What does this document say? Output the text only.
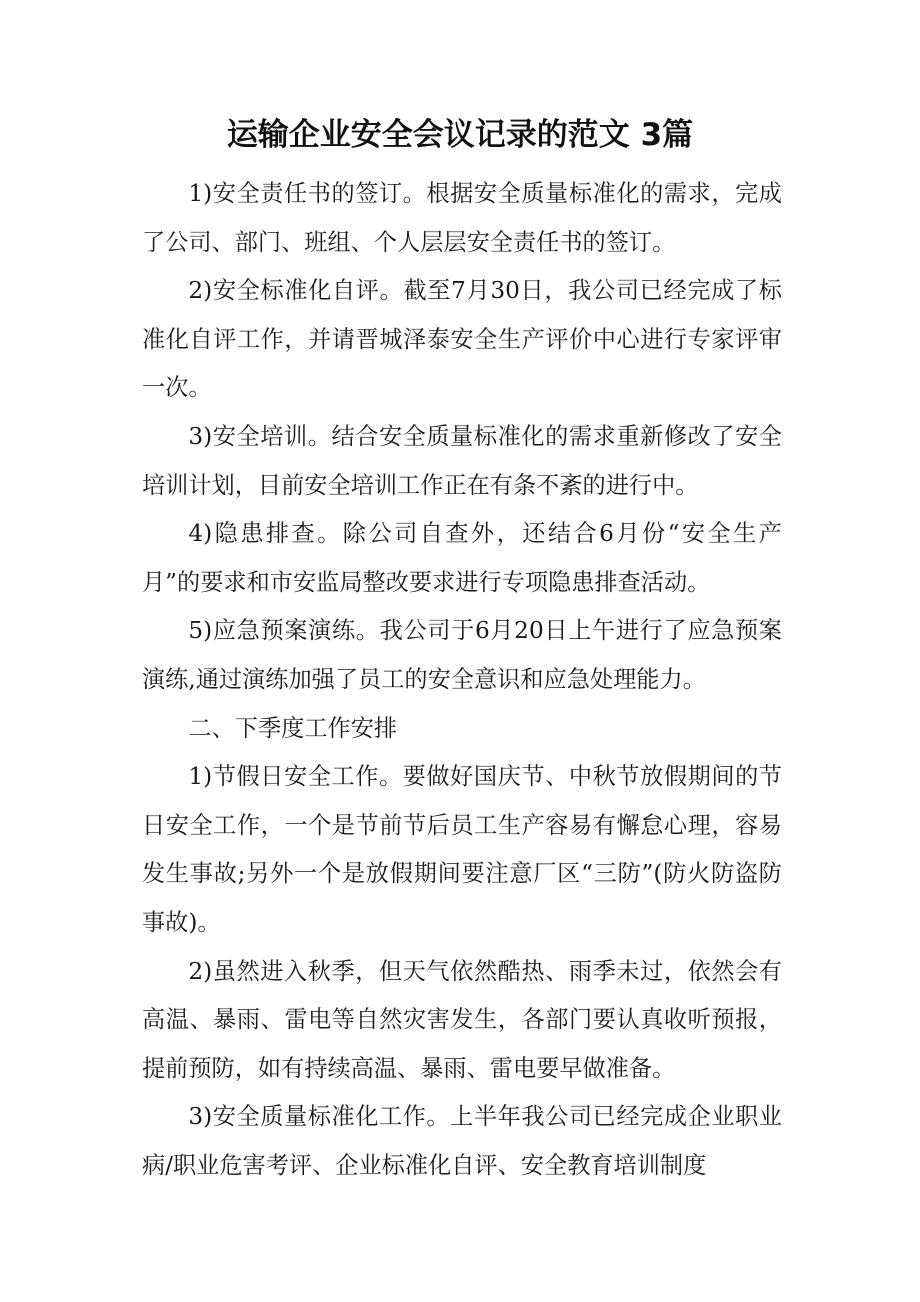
运输企业安全会议记录的范文 3篇

1)安全责任书的签订。根据安全质量标准化的需求，完成了公司、部门、班组、个人层层安全责任书的签订。

2)安全标准化自评。截至7月30日，我公司已经完成了标准化自评工作，并请晋城泽泰安全生产评价中心进行专家评审一次。

3)安全培训。结合安全质量标准化的需求重新修改了安全培训计划，目前安全培训工作正在有条不紊的进行中。

4)隐患排查。除公司自查外，还结合6月份“安全生产月”的要求和市安监局整改要求进行专项隐患排查活动。

5)应急预案演练。我公司于6月20日上午进行了应急预案演练,通过演练加强了员工的安全意识和应急处理能力。

二、下季度工作安排

1)节假日安全工作。要做好国庆节、中秋节放假期间的节日安全工作，一个是节前节后员工生产容易有懈怠心理，容易发生事故;另外一个是放假期间要注意厂区“三防”(防火防盗防事故)。

2)虽然进入秋季，但天气依然酷热、雨季未过，依然会有高温、暴雨、雷电等自然灾害发生，各部门要认真收听预报，提前预防，如有持续高温、暴雨、雷电要早做准备。

3)安全质量标准化工作。上半年我公司已经完成企业职业病/职业危害考评、企业标准化自评、安全教育培训制度
